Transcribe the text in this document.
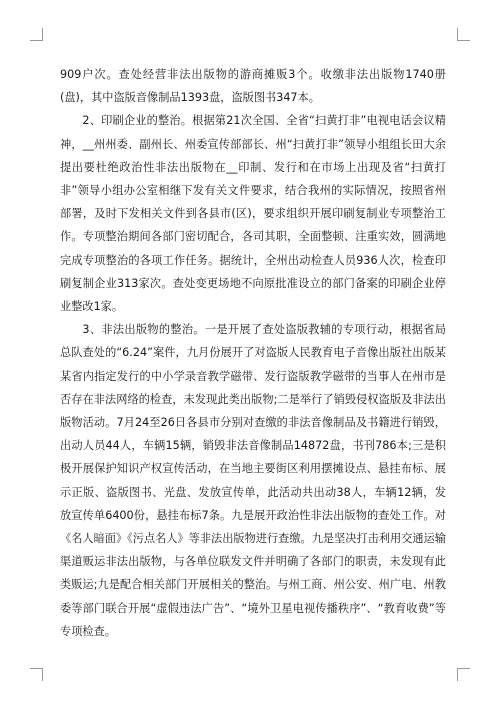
909户次。查处经营非法出版物的游商摊贩3个。收缴非法出版物1740册(盘)，其中盗版音像制品1393盘，盗版图书347本。

2、印刷企业的整治。根据第21次全国、全省“扫黄打非”电视电话会议精神，__州州委、副州长、州委宣传部部长、州“扫黄打非”领导小组组长田大余提出要杜绝政治性非法出版物在__印制、发行和在市场上出现及省“扫黄打非”领导小组办公室相继下发有关文件要求，结合我州的实际情况，按照省州部署，及时下发相关文件到各县市(区)，要求组织开展印刷复制业专项整治工作。专项整治期间各部门密切配合，各司其职，全面整顿、注重实效，圆满地完成专项整治的各项工作任务。据统计，全州出动检查人员936人次，检查印刷复制企业313家次。查处变更场地不向原批准设立的部门备案的印刷企业停业整改1家。

3、非法出版物的整治。一是开展了查处盗版教辅的专项行动，根据省局总队查处的“6.24”案件，九月份展开了对盗版人民教育电子音像出版社出版某某省内指定发行的中小学录音教学磁带、发行盗版教学磁带的当事人在州市是否存在非法网络的检查，未发现此类出版物;二是举行了销毁侵权盗版及非法出版物活动。7月24至26日各县市分别对查缴的非法音像制品及书籍进行销毁，出动人员44人，车辆15辆，销毁非法音像制品14872盘，书刊786本;三是积极开展保护知识产权宣传活动，在当地主要街区利用摆摊设点、悬挂布标、展示正版、盗版图书、光盘、发放宣传单，此活动共出动38人，车辆12辆，发放宣传单6400份，悬挂布标7条。九是展开政治性非法出版物的查处工作。对《名人暗面》《污点名人》等非法出版物进行查缴。九是坚决打击利用交通运输渠道贩运非法出版物，与各单位联发文件并明确了各部门的职责，未发现有此类贩运;九是配合相关部门开展相关的整治。与州工商、州公安、州广电、州教委等部门联合开展“虚假违法广告”、“境外卫星电视传播秩序”、“教育收费”等专项检查。
